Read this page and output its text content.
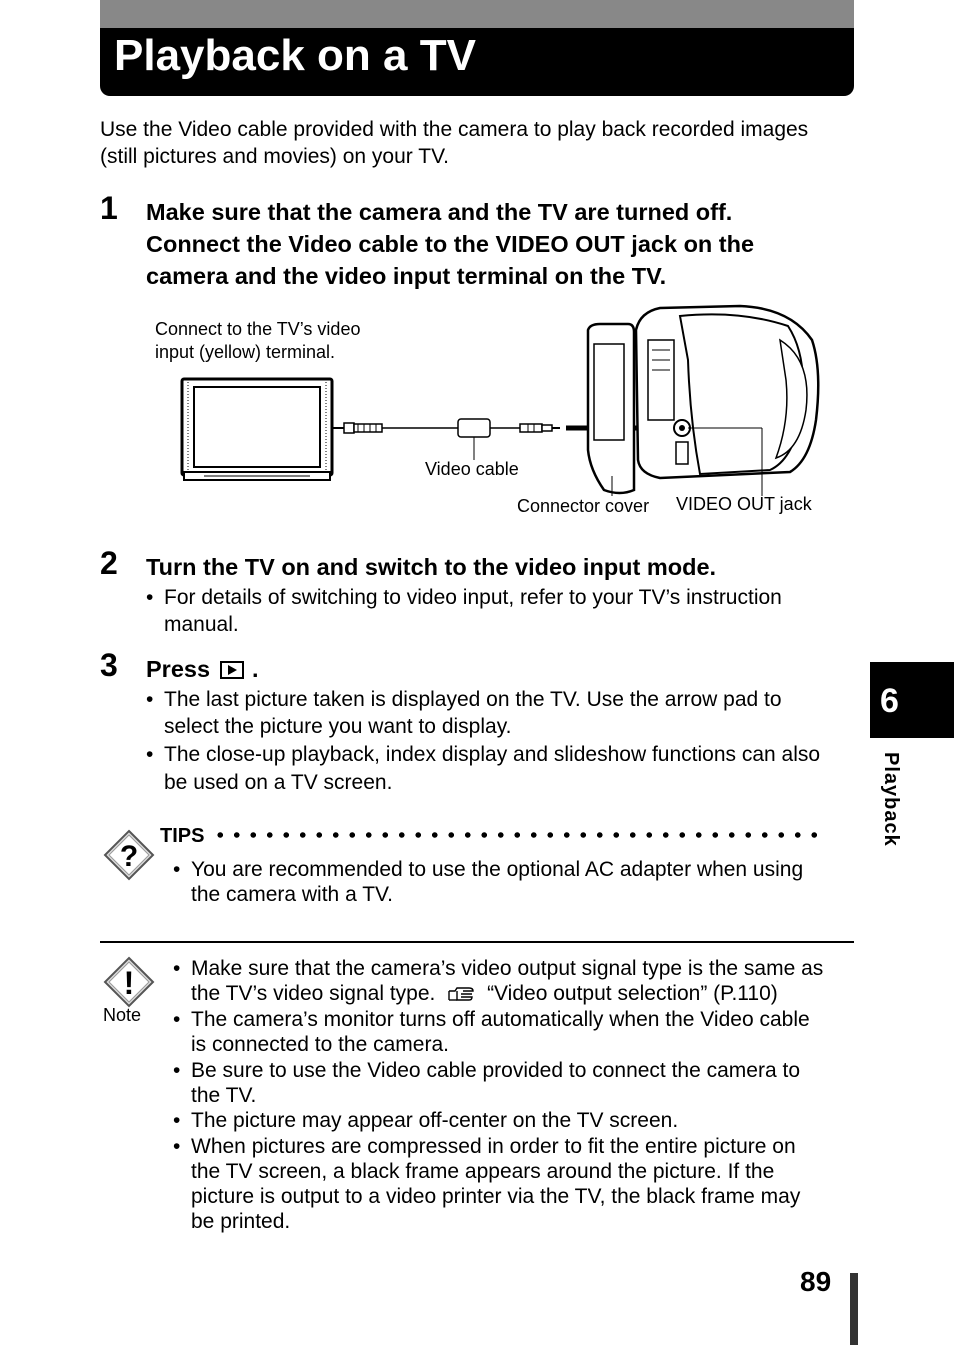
Playback on a TV
Use the Video cable provided with the camera to play back recorded images
(still pictures and movies) on your TV.
1 Make sure that the camera and the TV are turned off.
Connect the Video cable to the VIDEO OUT jack on the
camera and the video input terminal on the TV.
Connect to the TV’s video
input (yellow) terminal.
Video cable
Connector cover VIDEO OUT jack
2 Turn the TV on and switch to the video input mode.
• For details of switching to video input, refer to your TV’s instruction
manual.
3 Press .
• The last picture taken is displayed on the TV. Use the arrow pad to
select the picture you want to display.
• The close-up playback, index display and slideshow functions can also
be used on a TV screen.
?
TIPS
• You are recommended to use the optional AC adapter when using
the camera with a TV.
!
Note
• Make sure that the camera’s video output signal type is the same as
the TV’s video signal type. “Video output selection” (P.110)
• The camera’s monitor turns off automatically when the Video cable
is connected to the camera.
• Be sure to use the Video cable provided to connect the camera to
the TV.
• The picture may appear off-center on the TV screen.
• When pictures are compressed in order to fit the entire picture on
the TV screen, a black frame appears around the picture. If the
picture is output to a video printer via the TV, the black frame may
be printed.
6
Playback
89
